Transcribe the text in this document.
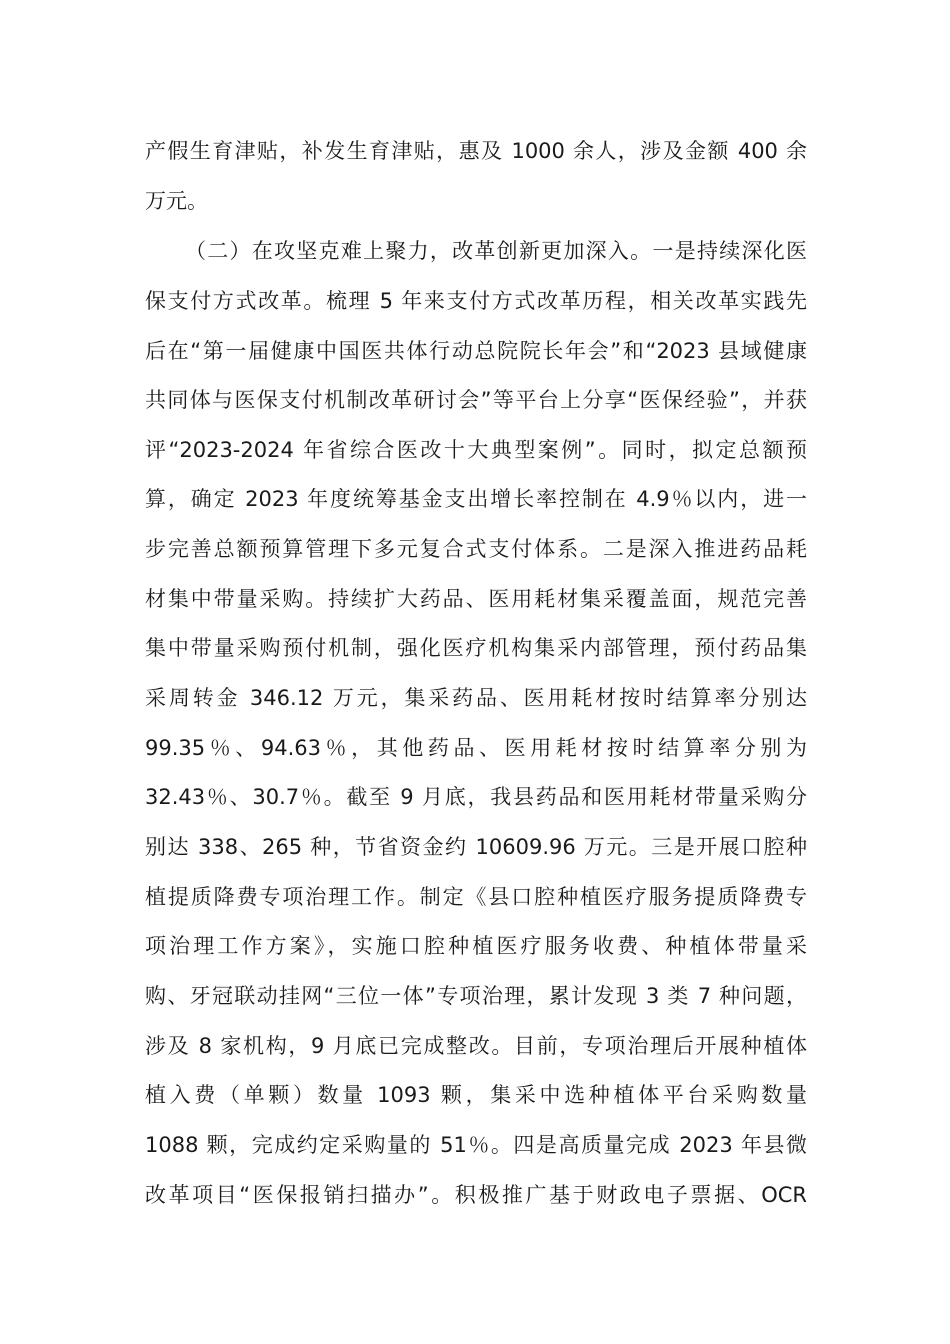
产假生育津贴，补发生育津贴，惠及 1000 余人，涉及金额 400 余
万元。
（二）在攻坚克难上聚力，改革创新更加深入。一是持续深化医
保支付方式改革。梳理 5 年来支付方式改革历程，相关改革实践先
后在“第一届健康中国医共体行动总院院长年会”和“2023 县域健康
共同体与医保支付机制改革研讨会”等平台上分享“医保经验”，并获
评“2023-2024 年省综合医改十大典型案例”。同时，拟定总额预
算，确定 2023 年度统筹基金支出增长率控制在 4.9％以内，进一
步完善总额预算管理下多元复合式支付体系。二是深入推进药品耗
材集中带量采购。持续扩大药品、医用耗材集采覆盖面，规范完善
集中带量采购预付机制，强化医疗机构集采内部管理，预付药品集
采周转金 346.12 万元，集采药品、医用耗材按时结算率分别达
99.35％、94.63％，其他药品、医用耗材按时结算率分别为
32.43％、30.7％。截至 9 月底，我县药品和医用耗材带量采购分
别达 338、265 种，节省资金约 10609.96 万元。三是开展口腔种
植提质降费专项治理工作。制定《县口腔种植医疗服务提质降费专
项治理工作方案》，实施口腔种植医疗服务收费、种植体带量采
购、牙冠联动挂网“三位一体”专项治理，累计发现 3 类 7 种问题，
涉及 8 家机构，9 月底已完成整改。目前，专项治理后开展种植体
植入费（单颗）数量 1093 颗，集采中选种植体平台采购数量
1088 颗，完成约定采购量的 51％。四是高质量完成 2023 年县微
改革项目“医保报销扫描办”。积极推广基于财政电子票据、OCR
